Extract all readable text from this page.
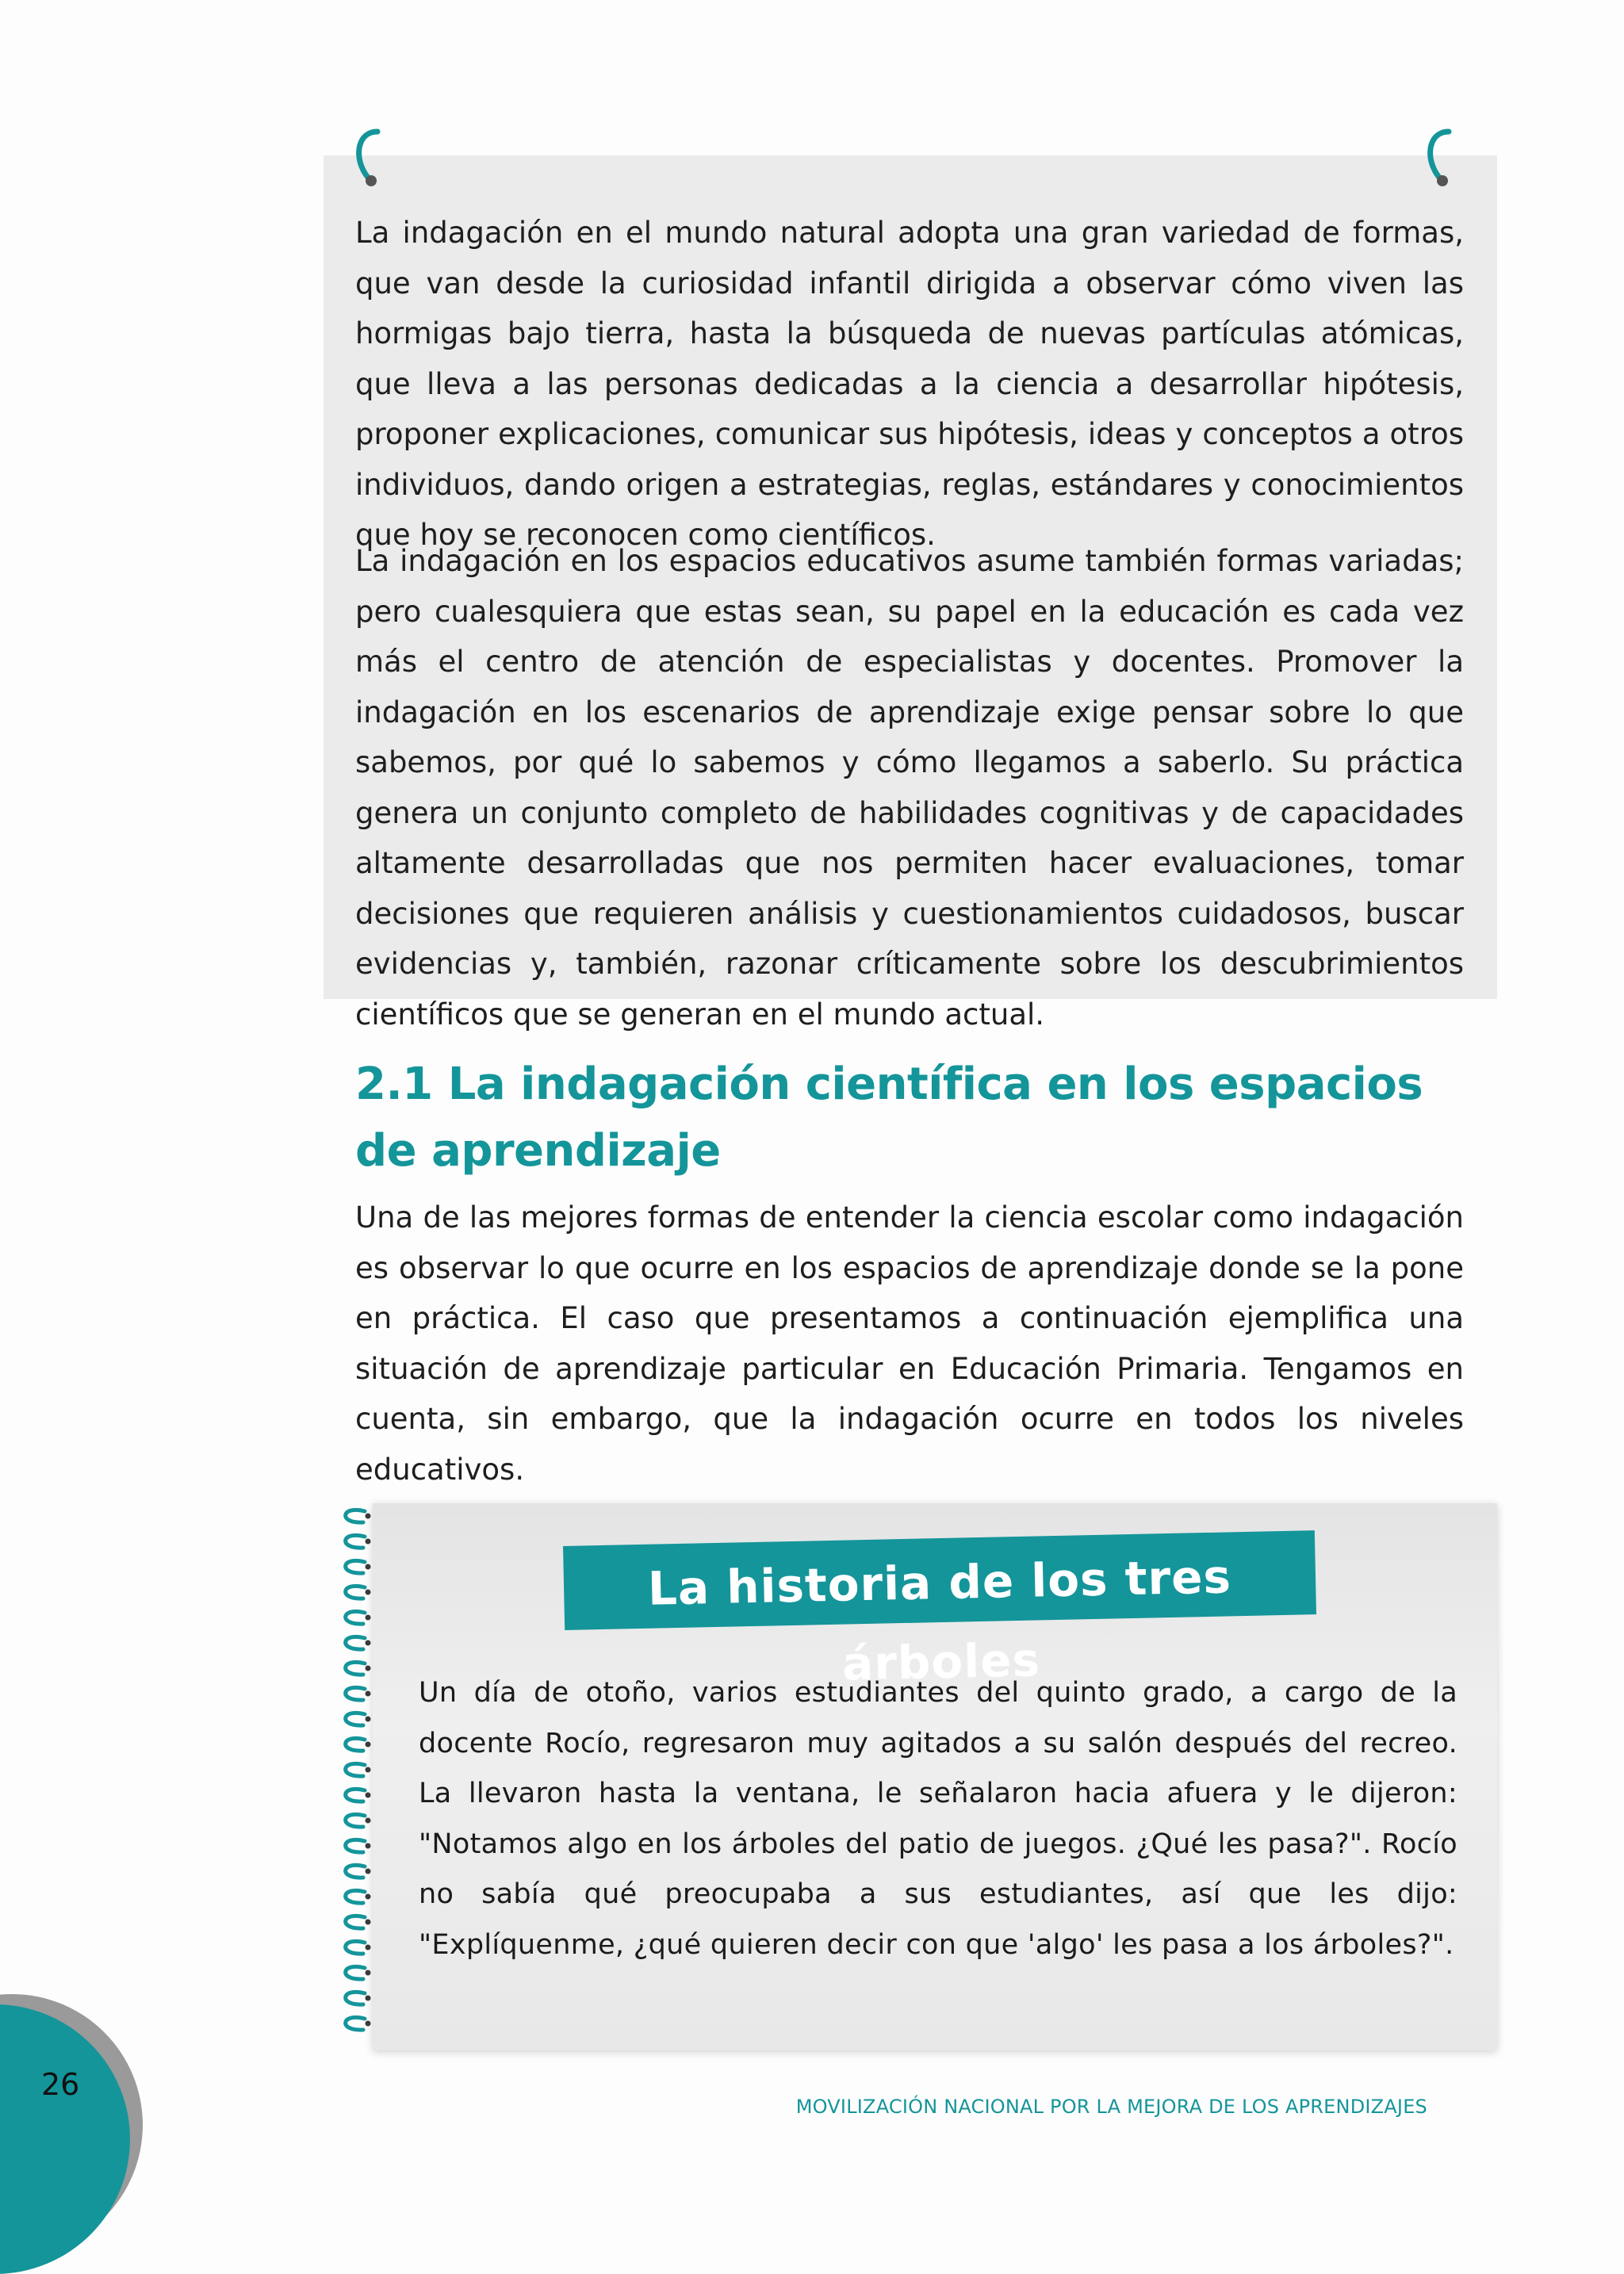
La indagación en el mundo natural adopta una gran variedad de formas, que van desde la curiosidad infantil dirigida a observar cómo viven las hormigas bajo tierra, hasta la búsqueda de nuevas partículas atómicas, que lleva a las personas dedicadas a la ciencia a desarrollar hipótesis, proponer explicaciones, comunicar sus hipótesis, ideas y conceptos a otros individuos, dando origen a estrategias, reglas, estándares y conocimientos que hoy se reconocen como científicos.

La indagación en los espacios educativos asume también formas variadas; pero cualesquiera que estas sean, su papel en la educación es cada vez más el centro de atención de especialistas y docentes. Promover la indagación en los escenarios de aprendizaje exige pensar sobre lo que sabemos, por qué lo sabemos y cómo llegamos a saberlo. Su práctica genera un conjunto completo de habilidades cognitivas y de capacidades altamente desarrolladas que nos permiten hacer evaluaciones, tomar decisiones que requieren análisis y cuestionamientos cuidadosos, buscar evidencias y, también, razonar críticamente sobre los descubrimientos científicos que se generan en el mundo actual.

2.1 La indagación científica en los espacios de aprendizaje

Una de las mejores formas de entender la ciencia escolar como indagación es observar lo que ocurre en los espacios de aprendizaje donde se la pone en práctica. El caso que presentamos a continuación ejemplifica una situación de aprendizaje particular en Educación Primaria. Tengamos en cuenta, sin embargo, que la indagación ocurre en todos los niveles educativos.

La historia de los tres árboles

Un día de otoño, varios estudiantes del quinto grado, a cargo de la docente Rocío, regresaron muy agitados a su salón después del recreo. La llevaron hasta la ventana, le señalaron hacia afuera y le dijeron: "Notamos algo en los árboles del patio de juegos. ¿Qué les pasa?". Rocío no sabía qué preocupaba a sus estudiantes, así que les dijo: "Explíquenme, ¿qué quieren decir con que 'algo' les pasa a los árboles?".

26

MOVILIZACIÓN NACIONAL POR LA MEJORA DE LOS APRENDIZAJES
